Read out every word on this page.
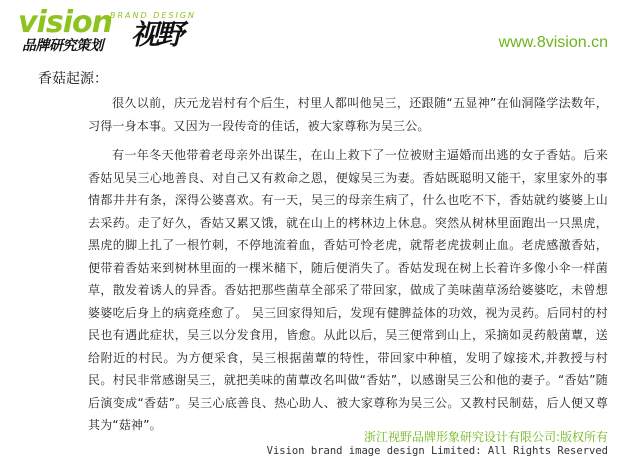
vision
BRAND DESIGN
品牌研究策划 视野	www.8vision.cn
香菇起源：

很久以前，庆元龙岩村有个后生，村里人都叫他吴三，还跟随“五显神”在仙洞隆学法数年，习得一身本事。又因为一段传奇的佳话，被大家尊称为吴三公。

有一年冬天他带着老母亲外出谋生，在山上救下了一位被财主逼婚而出逃的女子香姑。后来香姑见吴三心地善良、对自己又有救命之恩，便嫁吴三为妻。香姑既聪明又能干，家里家外的事情都井井有条，深得公婆喜欢。有一天，吴三的母亲生病了，什么也吃不下，香姑就约婆婆上山去采药。走了好久，香姑又累又饿，就在山上的栲林边上休息。突然从树林里面跑出一只黑虎，黑虎的脚上扎了一根竹刺，不停地流着血，香姑可怜老虎，就帮老虎拔刺止血。老虎感激香姑，便带着香姑来到树林里面的一棵米槠下，随后便消失了。香姑发现在树上长着许多像小伞一样菌草，散发着诱人的异香。香姑把那些菌草全部采了带回家，做成了美味菌草汤给婆婆吃，未曾想婆婆吃后身上的病竟痊愈了。 吴三回家得知后，发现有健脾益体的功效，视为灵药。后同村的村民也有遇此症状，吴三以分发食用，皆愈。从此以后，吴三便常到山上，采摘如灵药般菌蕈，送给附近的村民。为方便采食，吴三根据菌蕈的特性，带回家中种植，发明了嫁接术,并教授与村民。村民非常感谢吴三，就把美味的菌蕈改名叫做“香姑”，以感谢吴三公和他的妻子。“香姑”随后演变成“香菇”。吴三心底善良、热心助人、被大家尊称为吴三公。又教村民制菇，后人便又尊其为“菇神”。

浙江视野品牌形象研究设计有限公司:版权所有
Vision brand image design Limited: All Rights Reserved
